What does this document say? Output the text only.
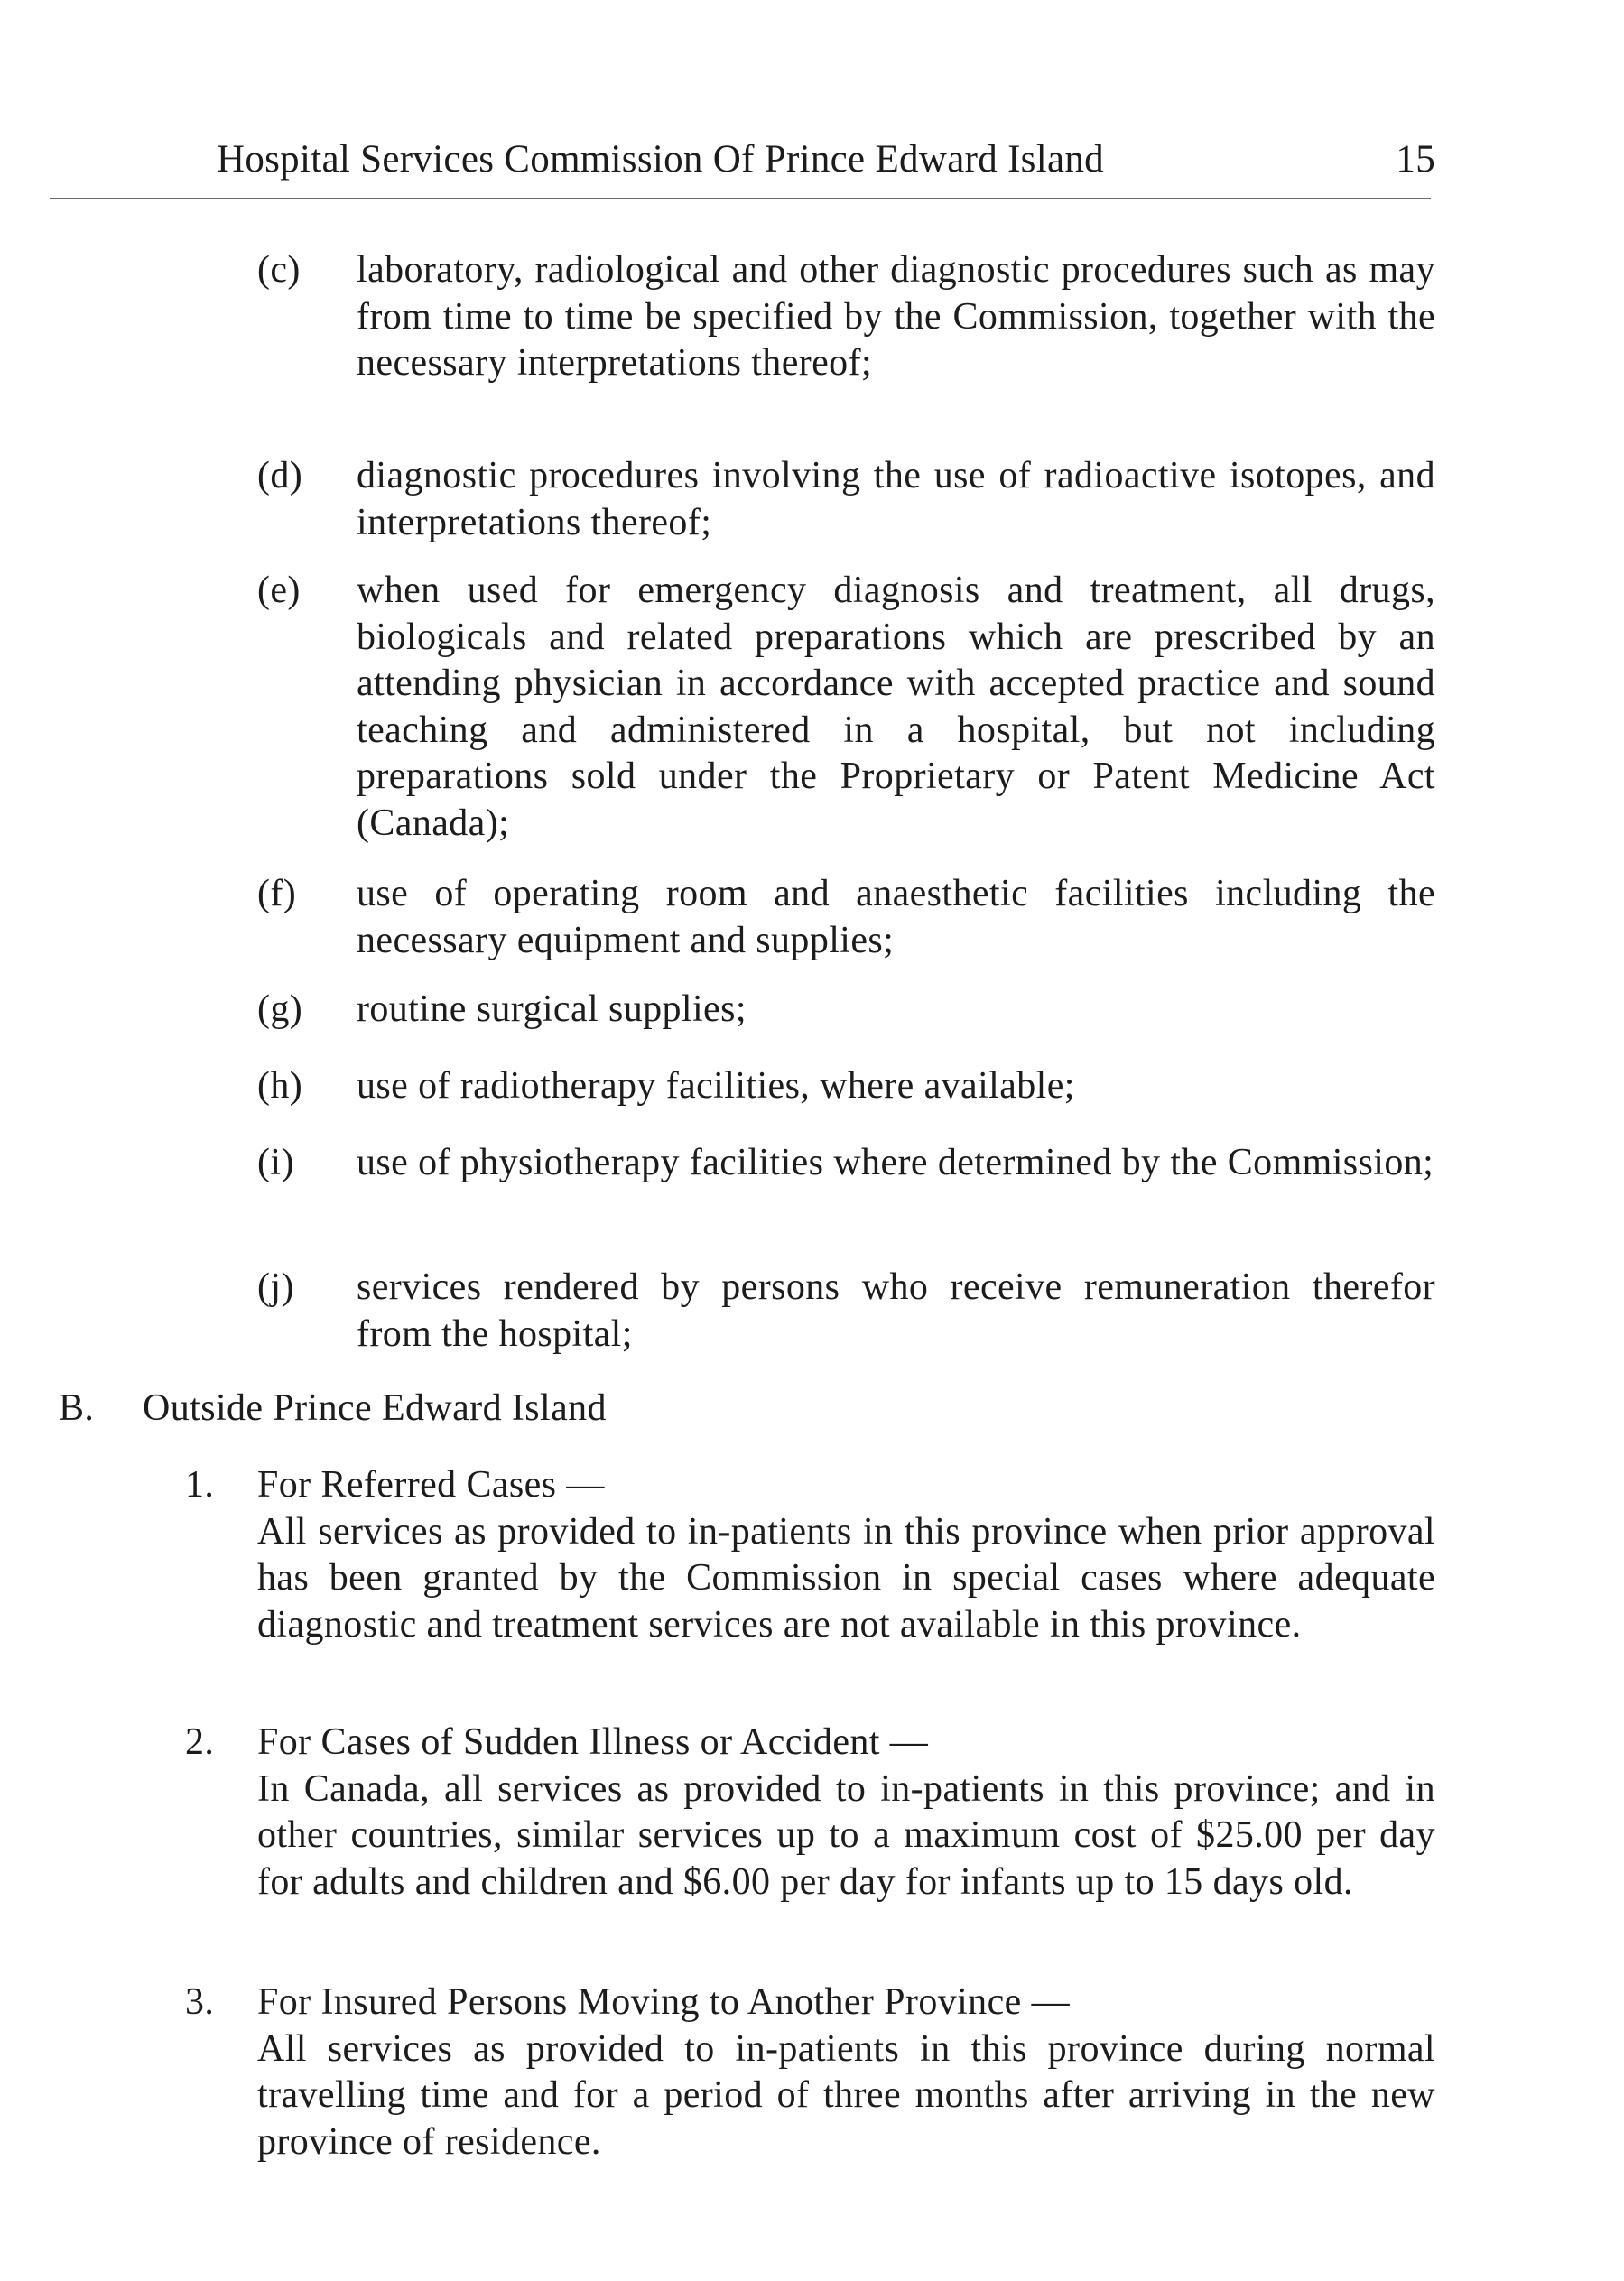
Hospital Services Commission Of Prince Edward Island	15
(c) laboratory, radiological and other diagnostic procedures such as may from time to time be specified by the Commission, together with the necessary interpretations thereof;
(d) diagnostic procedures involving the use of radioactive isotopes, and interpretations thereof;
(e) when used for emergency diagnosis and treatment, all drugs, biologicals and related preparations which are prescribed by an attending physician in accordance with accepted practice and sound teaching and administered in a hospital, but not including preparations sold under the Proprietary or Patent Medicine Act (Canada);
(f) use of operating room and anaesthetic facilities including the necessary equipment and supplies;
(g) routine surgical supplies;
(h) use of radiotherapy facilities, where available;
(i) use of physiotherapy facilities where determined by the Commission;
(j) services rendered by persons who receive remuneration therefor from the hospital;
B. Outside Prince Edward Island
1. For Referred Cases —
All services as provided to in-patients in this province when prior approval has been granted by the Commission in special cases where adequate diagnostic and treatment services are not available in this province.
2. For Cases of Sudden Illness or Accident —
In Canada, all services as provided to in-patients in this province; and in other countries, similar services up to a maximum cost of $25.00 per day for adults and children and $6.00 per day for infants up to 15 days old.
3. For Insured Persons Moving to Another Province —
All services as provided to in-patients in this province during normal travelling time and for a period of three months after arriving in the new province of residence.
